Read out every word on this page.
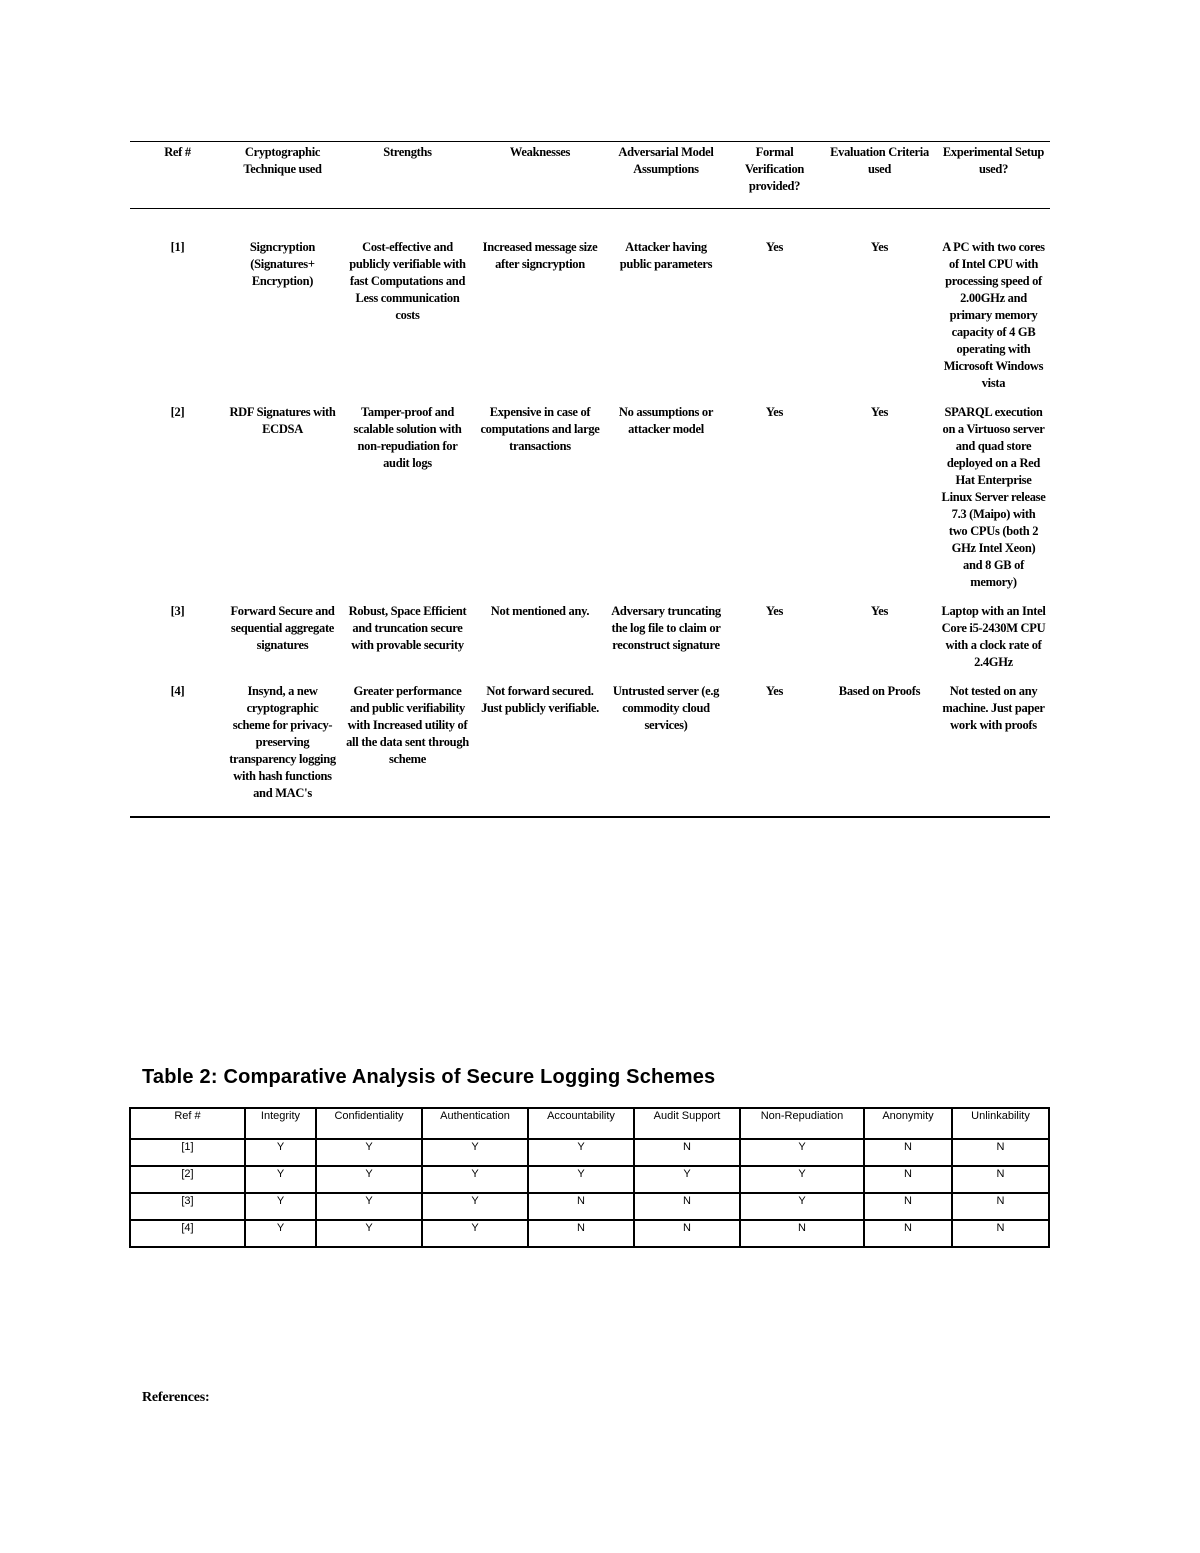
Ref #	Cryptographic Technique used	Strengths	Weaknesses	Adversarial Model Assumptions	Formal Verification provided?	Evaluation Criteria used	Experimental Setup used?
[1]	Signcryption (Signatures+ Encryption)	Cost-effective and publicly verifiable with fast Computations and Less communication costs	Increased message size after signcryption	Attacker having public parameters	Yes	Yes	A PC with two cores of Intel CPU with processing speed of 2.00GHz and primary memory capacity of 4 GB operating with Microsoft Windows vista
[2]	RDF Signatures with ECDSA	Tamper-proof and scalable solution with non-repudiation for audit logs	Expensive in case of computations and large transactions	No assumptions or attacker model	Yes	Yes	SPARQL execution on a Virtuoso server and quad store deployed on a Red Hat Enterprise Linux Server release 7.3 (Maipo) with two CPUs (both 2 GHz Intel Xeon) and 8 GB of memory)
[3]	Forward Secure and sequential aggregate signatures	Robust, Space Efficient and truncation secure with provable security	Not mentioned any.	Adversary truncating the log file to claim or reconstruct signature	Yes	Yes	Laptop with an Intel Core i5-2430M CPU with a clock rate of 2.4GHz
[4]	Insynd, a new cryptographic scheme for privacy-preserving transparency logging with hash functions and MAC's	Greater performance and public verifiability with Increased utility of all the data sent through scheme	Not forward secured. Just publicly verifiable.	Untrusted server (e.g commodity cloud services)	Yes	Based on Proofs	Not tested on any machine. Just paper work with proofs
Table 2: Comparative Analysis of Secure Logging Schemes
Ref #	Integrity	Confidentiality	Authentication	Accountability	Audit Support	Non-Repudiation	Anonymity	Unlinkability
[1]	Y	Y	Y	Y	N	Y	N	N
[2]	Y	Y	Y	Y	Y	Y	N	N
[3]	Y	Y	Y	N	N	Y	N	N
[4]	Y	Y	Y	N	N	N	N	N
References:
